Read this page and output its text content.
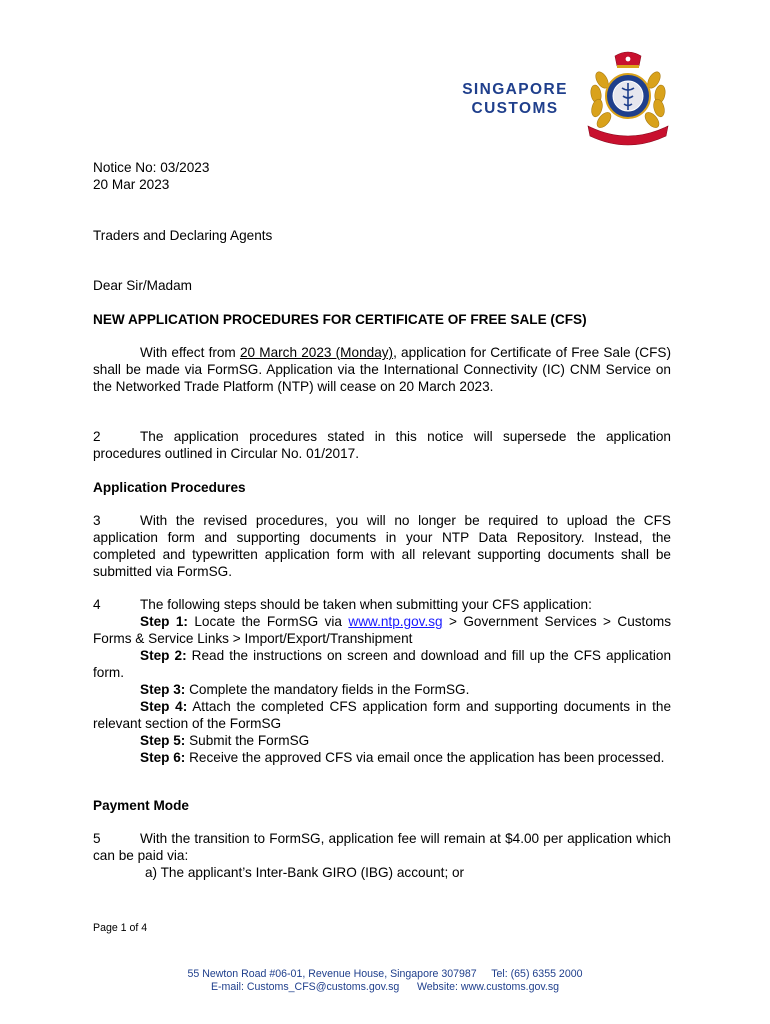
SINGAPORE
CUSTOMS
Notice No: 03/2023
20 Mar 2023
Traders and Declaring Agents
Dear Sir/Madam
NEW APPLICATION PROCEDURES FOR CERTIFICATE OF FREE SALE (CFS)
With effect from 20 March 2023 (Monday), application for Certificate of Free Sale (CFS) shall be made via FormSG. Application via the International Connectivity (IC) CNM Service on the Networked Trade Platform (NTP) will cease on 20 March 2023.
2	The application procedures stated in this notice will supersede the application procedures outlined in Circular No. 01/2017.
Application Procedures
3	With the revised procedures, you will no longer be required to upload the CFS application form and supporting documents in your NTP Data Repository. Instead, the completed and typewritten application form with all relevant supporting documents shall be submitted via FormSG.
4	The following steps should be taken when submitting your CFS application:
Step 1: Locate the FormSG via www.ntp.gov.sg > Government Services > Customs Forms & Service Links > Import/Export/Transhipment
Step 2: Read the instructions on screen and download and fill up the CFS application form.
Step 3: Complete the mandatory fields in the FormSG.
Step 4: Attach the completed CFS application form and supporting documents in the relevant section of the FormSG
Step 5: Submit the FormSG
Step 6: Receive the approved CFS via email once the application has been processed.
Payment Mode
5	With the transition to FormSG, application fee will remain at $4.00 per application which can be paid via:
a) The applicant’s Inter-Bank GIRO (IBG) account; or
Page 1 of 4
55 Newton Road #06-01, Revenue House, Singapore 307987     Tel: (65) 6355 2000
E-mail: Customs_CFS@customs.gov.sg      Website: www.customs.gov.sg
